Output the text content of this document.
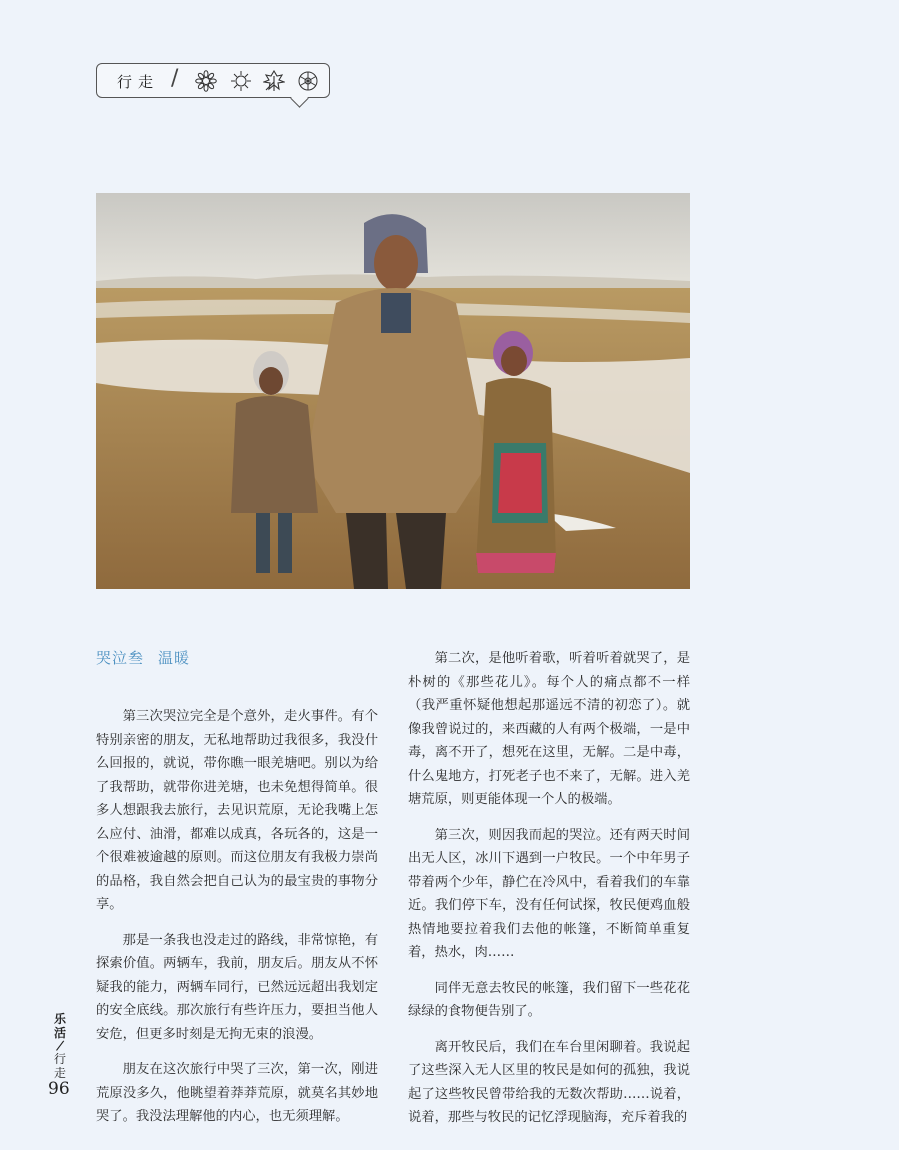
行走 /
哭泣叁 温暖

第三次哭泣完全是个意外，走火事件。有个特别亲密的朋友，无私地帮助过我很多，我没什么回报的，就说，带你瞧一眼羌塘吧。别以为给了我帮助，就带你进羌塘，也未免想得简单。很多人想跟我去旅行，去见识荒原，无论我嘴上怎么应付、油滑，都难以成真，各玩各的，这是一个很难被逾越的原则。而这位朋友有我极力崇尚的品格，我自然会把自己认为的最宝贵的事物分享。

那是一条我也没走过的路线，非常惊艳，有探索价值。两辆车，我前，朋友后。朋友从不怀疑我的能力，两辆车同行，已然远远超出我划定的安全底线。那次旅行有些许压力，要担当他人安危，但更多时刻是无拘无束的浪漫。

朋友在这次旅行中哭了三次，第一次，刚进荒原没多久，他眺望着莽莽荒原，就莫名其妙地哭了。我没法理解他的内心，也无须理解。

第二次，是他听着歌，听着听着就哭了，是朴树的《那些花儿》。每个人的痛点都不一样（我严重怀疑他想起那遥远不清的初恋了）。就像我曾说过的，来西藏的人有两个极端，一是中毒，离不开了，想死在这里，无解。二是中毒，什么鬼地方，打死老子也不来了，无解。进入羌塘荒原，则更能体现一个人的极端。

第三次，则因我而起的哭泣。还有两天时间出无人区，冰川下遇到一户牧民。一个中年男子带着两个少年，静伫在冷风中，看着我们的车靠近。我们停下车，没有任何试探，牧民便鸡血般热情地要拉着我们去他的帐篷，不断简单重复着，热水，肉……

同伴无意去牧民的帐篷，我们留下一些花花绿绿的食物便告别了。

离开牧民后，我们在车台里闲聊着。我说起了这些深入无人区里的牧民是如何的孤独，我说起了这些牧民曾带给我的无数次帮助……说着，说着，那些与牧民的记忆浮现脑海，充斥着我的

乐
活
/
行
走
96
